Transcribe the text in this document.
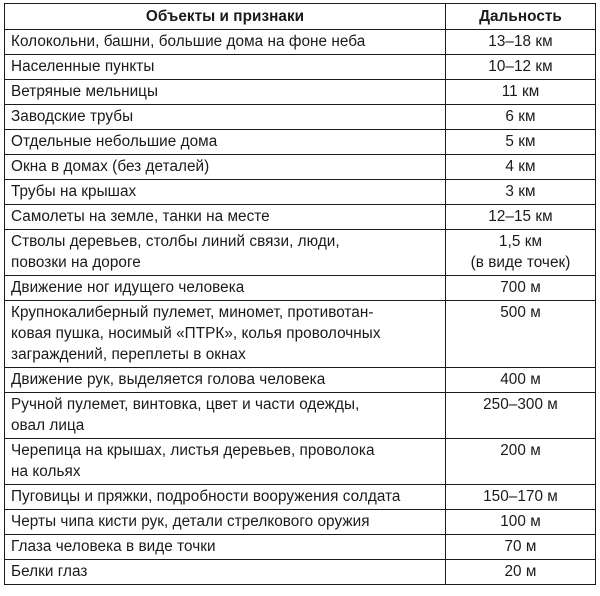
Объекты и признаки	Дальность
Колокольни, башни, большие дома на фоне неба	13–18 км
Населенные пункты	10–12 км
Ветряные мельницы	11 км
Заводские трубы	6 км
Отдельные небольшие дома	5 км
Окна в домах (без деталей)	4 км
Трубы на крышах	3 км
Самолеты на земле, танки на месте	12–15 км
Стволы деревьев, столбы линий связи, люди,
повозки на дороге	1,5 км
(в виде точек)
Движение ног идущего человека	700 м
Крупнокалиберный пулемет, миномет, противотан-
ковая пушка, носимый «ПТРК», колья проволочных
заграждений, переплеты в окнах	500 м
Движение рук, выделяется голова человека	400 м
Ручной пулемет, винтовка, цвет и части одежды,
овал лица	250–300 м
Черепица на крышах, листья деревьев, проволока
на кольях	200 м
Пуговицы и пряжки, подробности вооружения солдата	150–170 м
Черты чипа кисти рук, детали стрелкового оружия	100 м
Глаза человека в виде точки	70 м
Белки глаз	20 м
